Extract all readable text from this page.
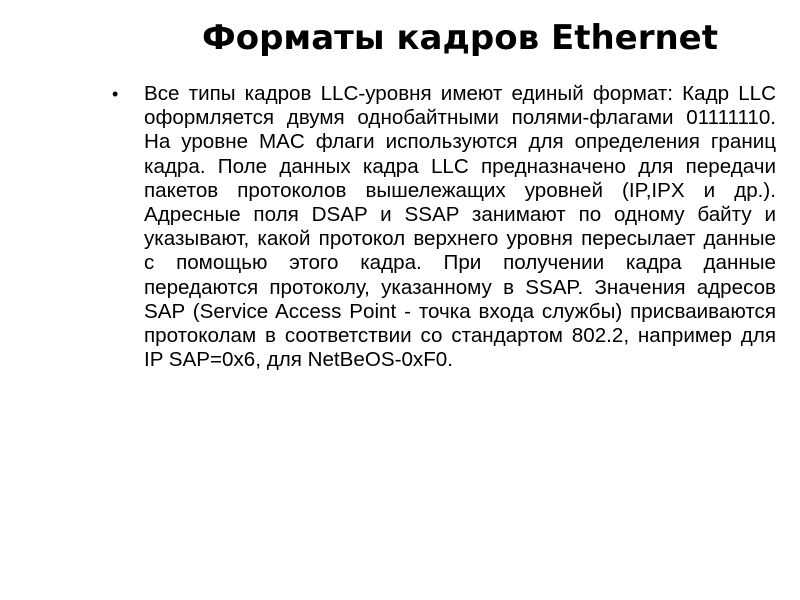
Форматы кадров Ethernet
•	Все типы кадров LLC-уровня имеют единый формат: Кадр LLC оформляется двумя однобайтными полями-флагами 01111110. На уровне MAC флаги используются для определения границ кадра. Поле данных кадра LLC предназначено для передачи пакетов протоколов вышележащих уровней (IP,IPX и др.). Адресные поля DSAP и SSAP занимают по одному байту и указывают, какой протокол верхнего уровня пересылает данные с помощью этого кадра. При получении кадра данные передаются протоколу, указанному в SSAP. Значения адресов SAP (Service Access Point - точка входа службы) присваиваются протоколам в соответствии со стандартом 802.2, например для IP SAP=0x6, для NetBeOS-0xF0.
